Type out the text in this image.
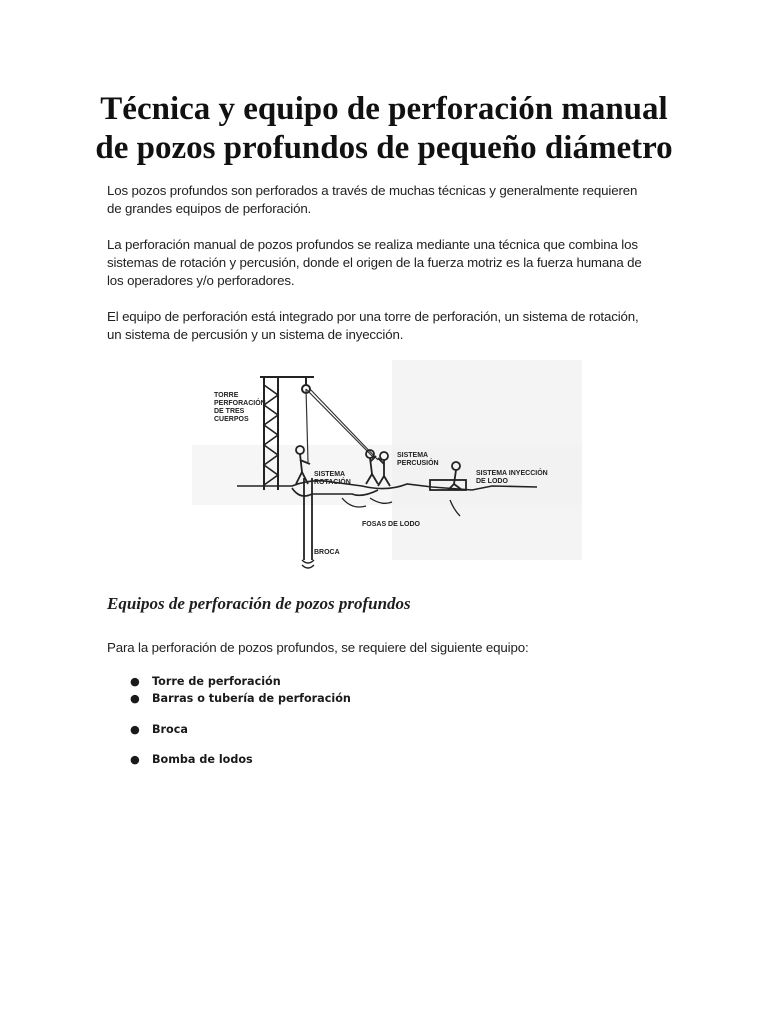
Técnica y equipo de perforación manual
de pozos profundos de pequeño diámetro

Los pozos profundos son perforados a través de muchas técnicas y generalmente requieren de grandes equipos de perforación.

La perforación manual de pozos profundos se realiza mediante una técnica que combina los sistemas de rotación y percusión, donde el origen de la fuerza motriz es la fuerza humana de los operadores y/o perforadores.

El equipo de perforación está integrado por una torre de perforación, un sistema de rotación, un sistema de percusión y un sistema de inyección.

TORRE
PERFORACIÓN
DE TRES
CUERPOS
SISTEMA
PERCUSIÓN
SISTEMA
ROTACIÓN
SISTEMA INYECCIÓN
DE LODO
FOSAS DE LODO
BROCA
Equipos de perforación de pozos profundos

Para la perforación de pozos profundos, se requiere del siguiente equipo:

● Torre de perforación
● Barras o tubería de perforación
● Broca
● Bomba de lodos
